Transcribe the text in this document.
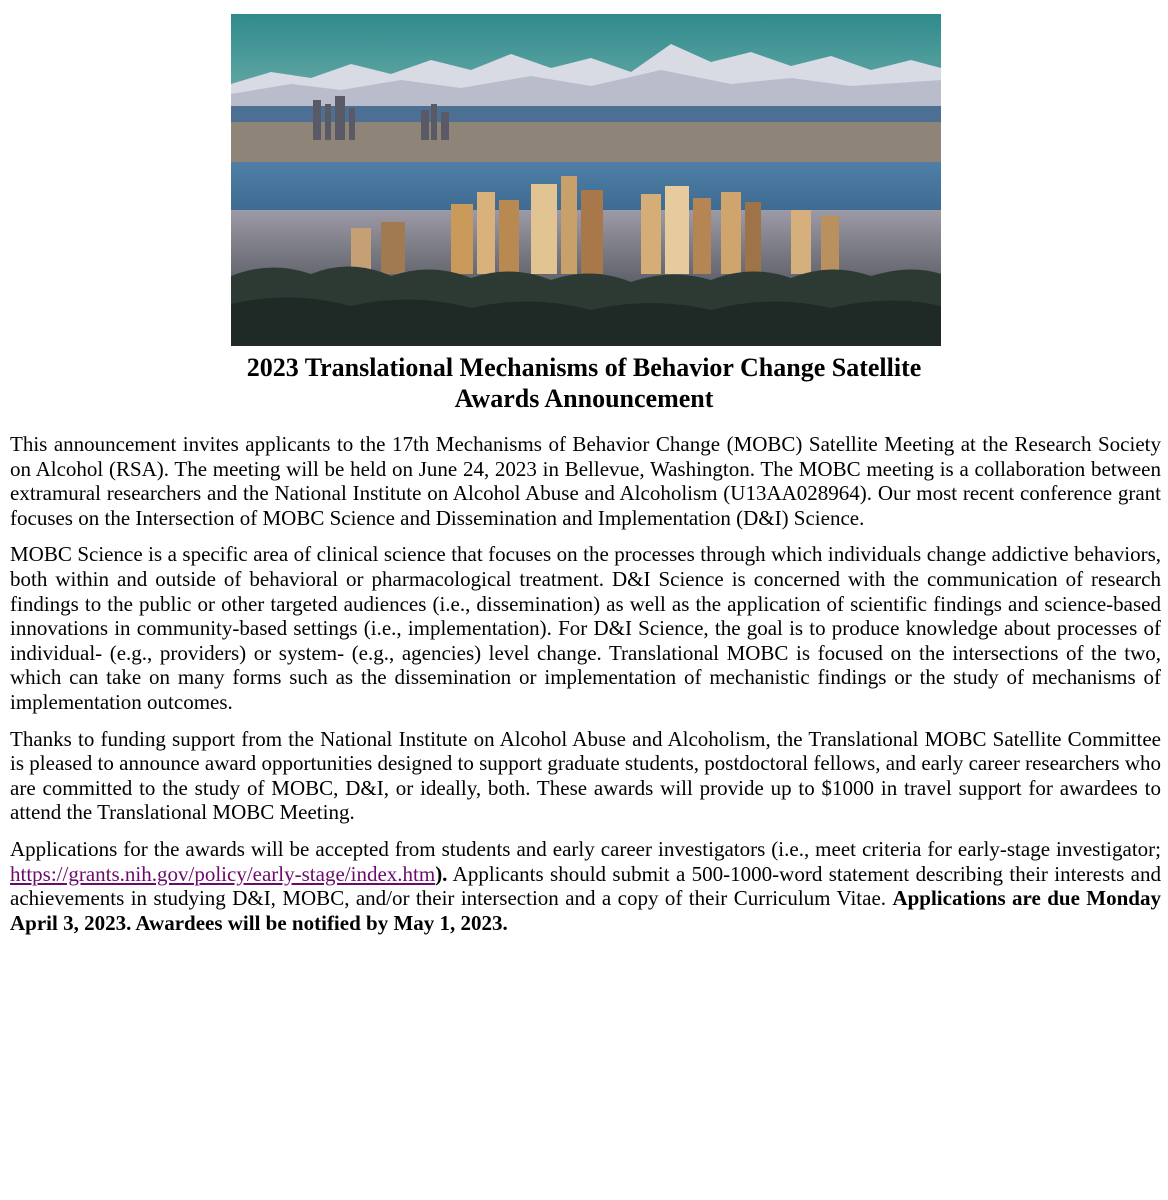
2023 Translational Mechanisms of Behavior Change Satellite
Awards Announcement

This announcement invites applicants to the 17th Mechanisms of Behavior Change (MOBC) Satellite Meeting at the Research Society on Alcohol (RSA). The meeting will be held on June 24, 2023 in Bellevue, Washington. The MOBC meeting is a collaboration between extramural researchers and the National Institute on Alcohol Abuse and Alcoholism (U13AA028964). Our most recent conference grant focuses on the Intersection of MOBC Science and Dissemination and Implementation (D&I) Science.

MOBC Science is a specific area of clinical science that focuses on the processes through which individuals change addictive behaviors, both within and outside of behavioral or pharmacological treatment. D&I Science is concerned with the communication of research findings to the public or other targeted audiences (i.e., dissemination) as well as the application of scientific findings and science-based innovations in community-based settings (i.e., implementation). For D&I Science, the goal is to produce knowledge about processes of individual- (e.g., providers) or system- (e.g., agencies) level change. Translational MOBC is focused on the intersections of the two, which can take on many forms such as the dissemination or implementation of mechanistic findings or the study of mechanisms of implementation outcomes.

Thanks to funding support from the National Institute on Alcohol Abuse and Alcoholism, the Translational MOBC Satellite Committee is pleased to announce award opportunities designed to support graduate students, postdoctoral fellows, and early career researchers who are committed to the study of MOBC, D&I, or ideally, both. These awards will provide up to $1000 in travel support for awardees to attend the Translational MOBC Meeting.

Applications for the awards will be accepted from students and early career investigators (i.e., meet criteria for early-stage investigator; https://grants.nih.gov/policy/early-stage/index.htm). Applicants should submit a 500-1000-word statement describing their interests and achievements in studying D&I, MOBC, and/or their intersection and a copy of their Curriculum Vitae. Applications are due Monday April 3, 2023. Awardees will be notified by May 1, 2023.
